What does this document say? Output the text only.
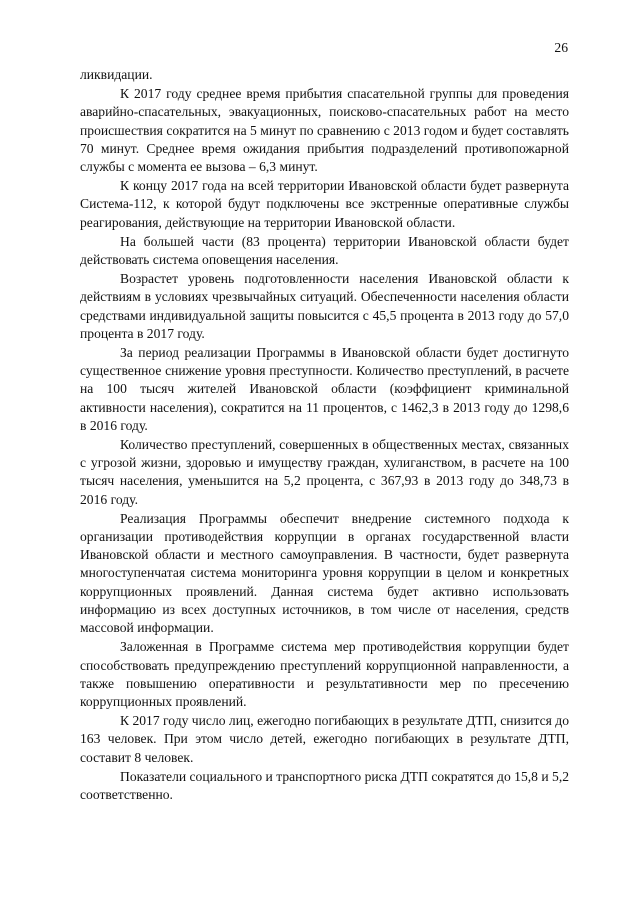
26

ликвидации.

К 2017 году среднее время прибытия спасательной группы для проведения аварийно-спасательных, эвакуационных, поисково-спасательных работ на место происшествия сократится на 5 минут по сравнению с 2013 годом и будет составлять 70 минут. Среднее время ожидания прибытия подразделений противопожарной службы с момента ее вызова – 6,3 минут.

К концу 2017 года на всей территории Ивановской области будет развернута Система-112, к которой будут подключены все экстренные оперативные службы реагирования, действующие на территории Ивановской области.

На большей части (83 процента) территории Ивановской области будет действовать система оповещения населения.

Возрастет уровень подготовленности населения Ивановской области к действиям в условиях чрезвычайных ситуаций. Обеспеченности населения области средствами индивидуальной защиты повысится с 45,5 процента в 2013 году до 57,0 процента в 2017 году.

За период реализации Программы в Ивановской области будет достигнуто существенное снижение уровня преступности. Количество преступлений, в расчете на 100 тысяч жителей Ивановской области (коэффициент криминальной активности населения), сократится на 11 процентов, с 1462,3 в 2013 году до 1298,6 в 2016 году.

Количество преступлений, совершенных в общественных местах, связанных с угрозой жизни, здоровью и имуществу граждан, хулиганством, в расчете на 100 тысяч населения, уменьшится на 5,2 процента, с 367,93 в 2013 году до 348,73 в 2016 году.

Реализация Программы обеспечит внедрение системного подхода к организации противодействия коррупции в органах государственной власти Ивановской области и местного самоуправления. В частности, будет развернута многоступенчатая система мониторинга уровня коррупции в целом и конкретных коррупционных проявлений. Данная система будет активно использовать информацию из всех доступных источников, в том числе от населения, средств массовой информации.

Заложенная в Программе система мер противодействия коррупции будет способствовать предупреждению преступлений коррупционной направленности, а также повышению оперативности и результативности мер по пресечению коррупционных проявлений.

К 2017 году число лиц, ежегодно погибающих в результате ДТП, снизится до 163 человек. При этом число детей, ежегодно погибающих в результате ДТП, составит 8 человек.

Показатели социального и транспортного риска ДТП сократятся до 15,8 и 5,2 соответственно.
